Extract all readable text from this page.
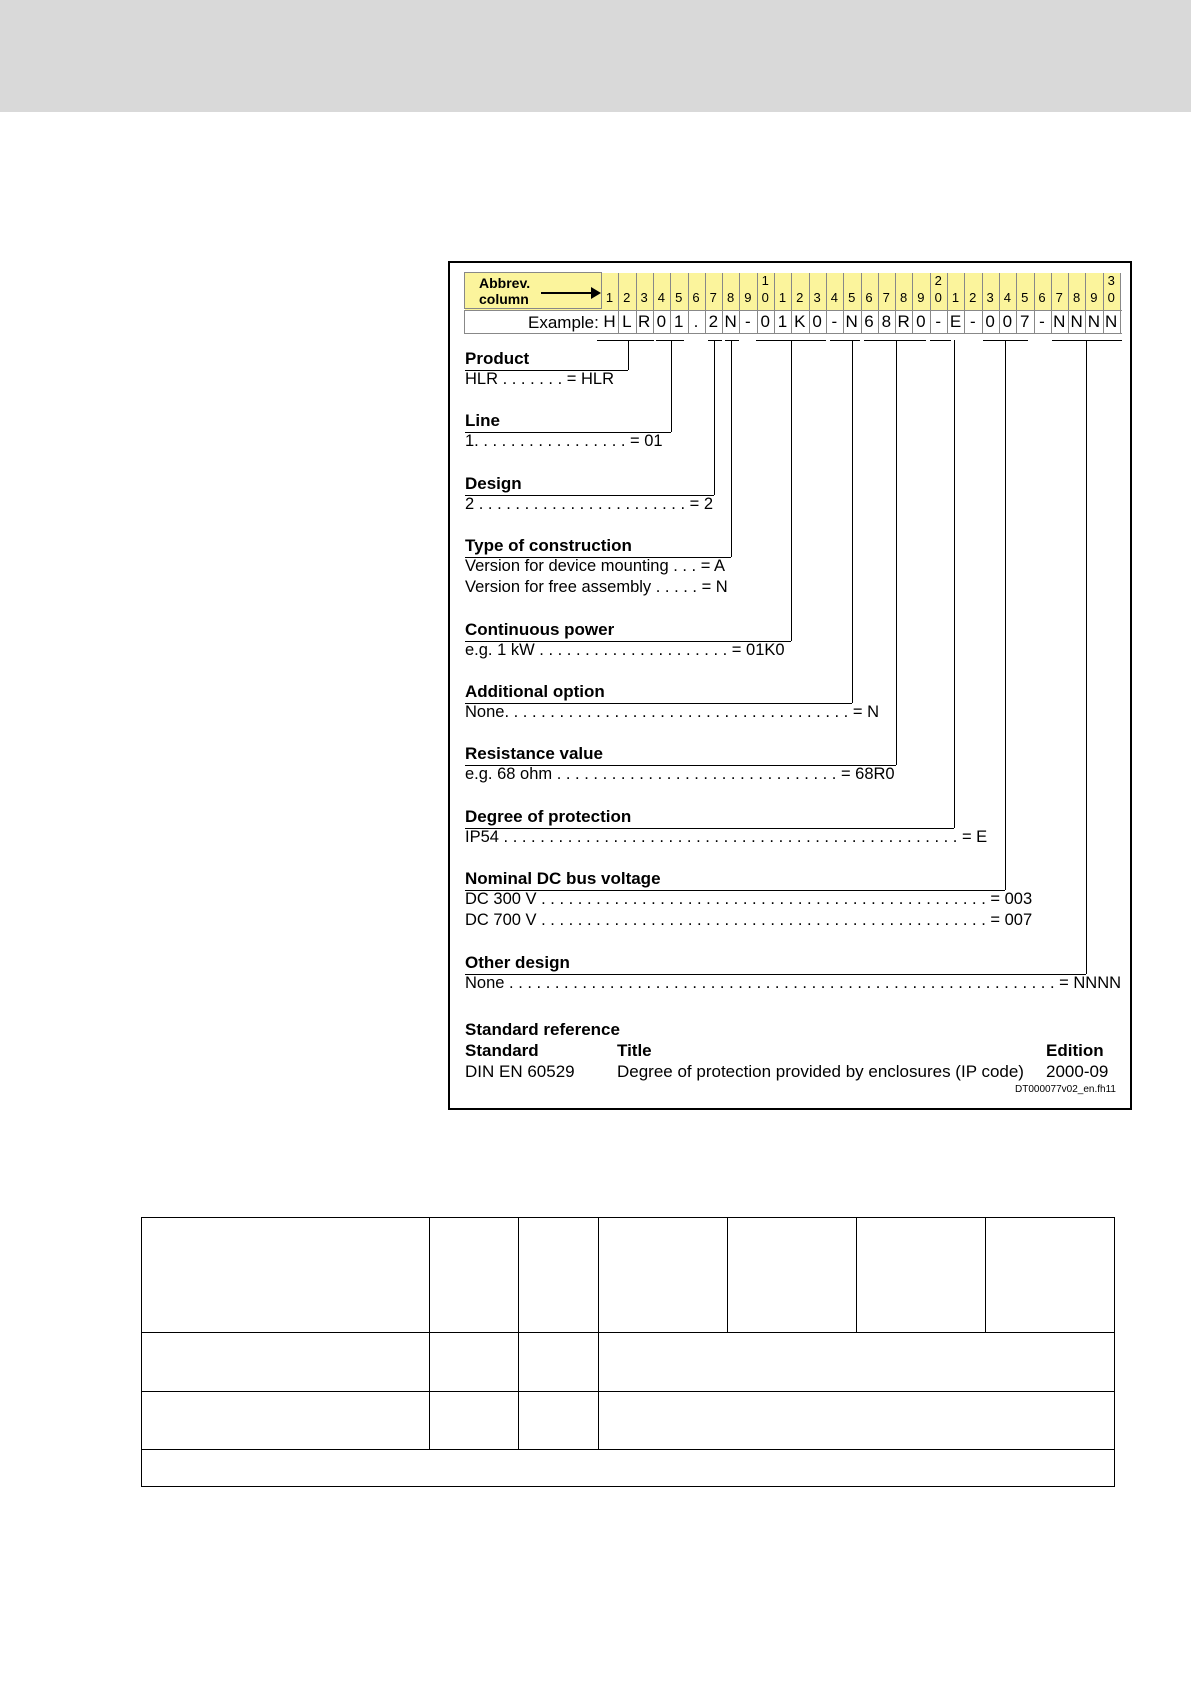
Abbrev.
column
Example:
1
H
2
L
3
R
4
0
5
1
6
.
7
2
8
N
9
-
1
0
0
1
1
2
K
3
0
4
-
5
N
6
6
7
8
8
R
9
0
2
0
-
1
E
2
-
3
0
4
0
5
7
6
-
7
N
8
N
9
N
3
0
N
Product
HLR . . . . . . . = HLR
Line
1. . . . . . . . . . . . . . . . . = 01
Design
2 . . . . . . . . . . . . . . . . . . . . . . . = 2
Type of construction
Version for device mounting . . . = A
Version for free assembly . . . . . = N
Continuous power
e.g. 1 kW . . . . . . . . . . . . . . . . . . . . . = 01K0
Additional option
None. . . . . . . . . . . . . . . . . . . . . . . . . . . . . . . . . . . . . . = N
Resistance value
e.g. 68 ohm . . . . . . . . . . . . . . . . . . . . . . . . . . . . . . . = 68R0
Degree of protection
IP54 . . . . . . . . . . . . . . . . . . . . . . . . . . . . . . . . . . . . . . . . . . . . . . . . . . = E
Nominal DC bus voltage
DC 300 V . . . . . . . . . . . . . . . . . . . . . . . . . . . . . . . . . . . . . . . . . . . . . . . . . = 003
DC 700 V . . . . . . . . . . . . . . . . . . . . . . . . . . . . . . . . . . . . . . . . . . . . . . . . . = 007
Other design
None . . . . . . . . . . . . . . . . . . . . . . . . . . . . . . . . . . . . . . . . . . . . . . . . . . . . . . . . . . . . = NNNN
Standard reference
Standard	Title	Edition
DIN EN 60529 Degree of protection provided by enclosures (IP code) 2000-09
DT000077v02_en.fh11
